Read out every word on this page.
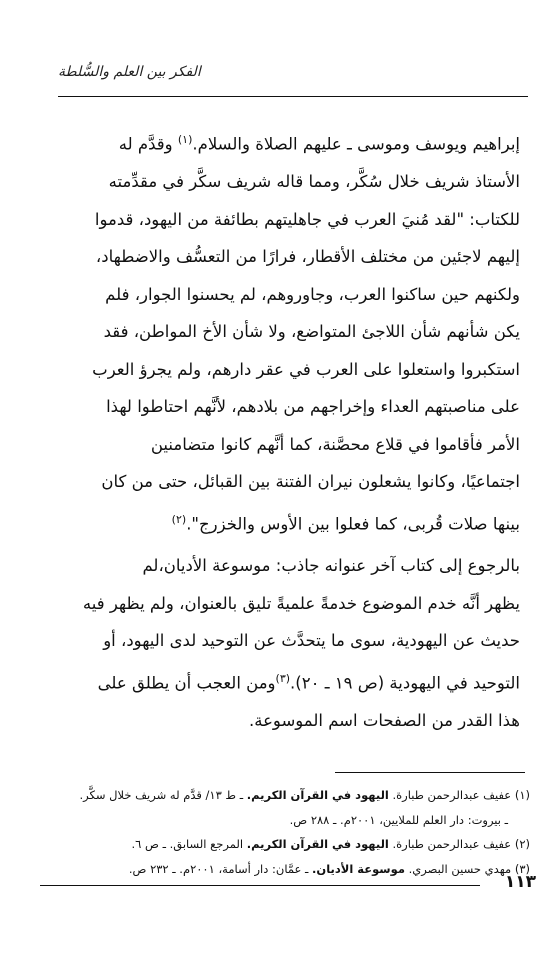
الفكر بين العلم والسُّلطة
إبراهيم ويوسف وموسى ـ عليهم الصلاة والسلام.$^{(١)}$ وقدَّم له
الأستاذ شريف خلال سُكَّر، ومما قاله شريف سكَّر في مقدِّمته
للكتاب: "لقد مُنيَ العرب في جاهليتهم بطائفة من اليهود، قدموا
إليهم لاجئين من مختلف الأقطار، فرارًا من التعسُّف والاضطهاد،
ولكنهم حين ساكنوا العرب، وجاوروهم، لم يحسنوا الجوار، فلم
يكن شأنهم شأن اللاجئ المتواضع، ولا شأن الأخ المواطن، فقد
استكبروا واستعلوا على العرب في عقر دارهم، ولم يجرؤ العرب
على مناصبتهم العداء وإخراجهم من بلادهم، لأنَّهم احتاطوا لهذا
الأمر فأقاموا في قلاع محصَّنة، كما أنَّهم كانوا متضامنين
اجتماعيًا، وكانوا يشعلون نيران الفتنة بين القبائل، حتى من كان
بينها صلات قُربى، كما فعلوا بين الأوس والخزرج".$^{(٢)}$
بالرجوع إلى كتاب آخر عنوانه جاذب: موسوعة الأديان،لم
يظهر أنَّه خدم الموضوع خدمةً علميةً تليق بالعنوان، ولم يظهر فيه
حديث عن اليهودية، سوى ما يتحدَّث عن التوحيد لدى اليهود، أو
التوحيد في اليهودية (ص ١٩ ـ ٢٠).$^{(٣)}$ومن العجب أن يطلق على
هذا القدر من الصفحات اسم الموسوعة.
(١) عفيف عبدالرحمن طبارة. اليهود في القرآن الكريم. ـ ط ١٣/ قدَّم له شريف خلال سكَّر.
ـ بيروت: دار العلم للملايين، ٢٠٠١م. ـ ٢٨٨ ص.
(٢) عفيف عبدالرحمن طبارة. اليهود في القرآن الكريم. المرجع السابق. ـ ص ٦.
(٣) مهدي حسين البصري. موسوعة الأديان. ـ عمَّان: دار أسامة، ٢٠٠١م. ـ ٢٣٢ ص.
١١٣
